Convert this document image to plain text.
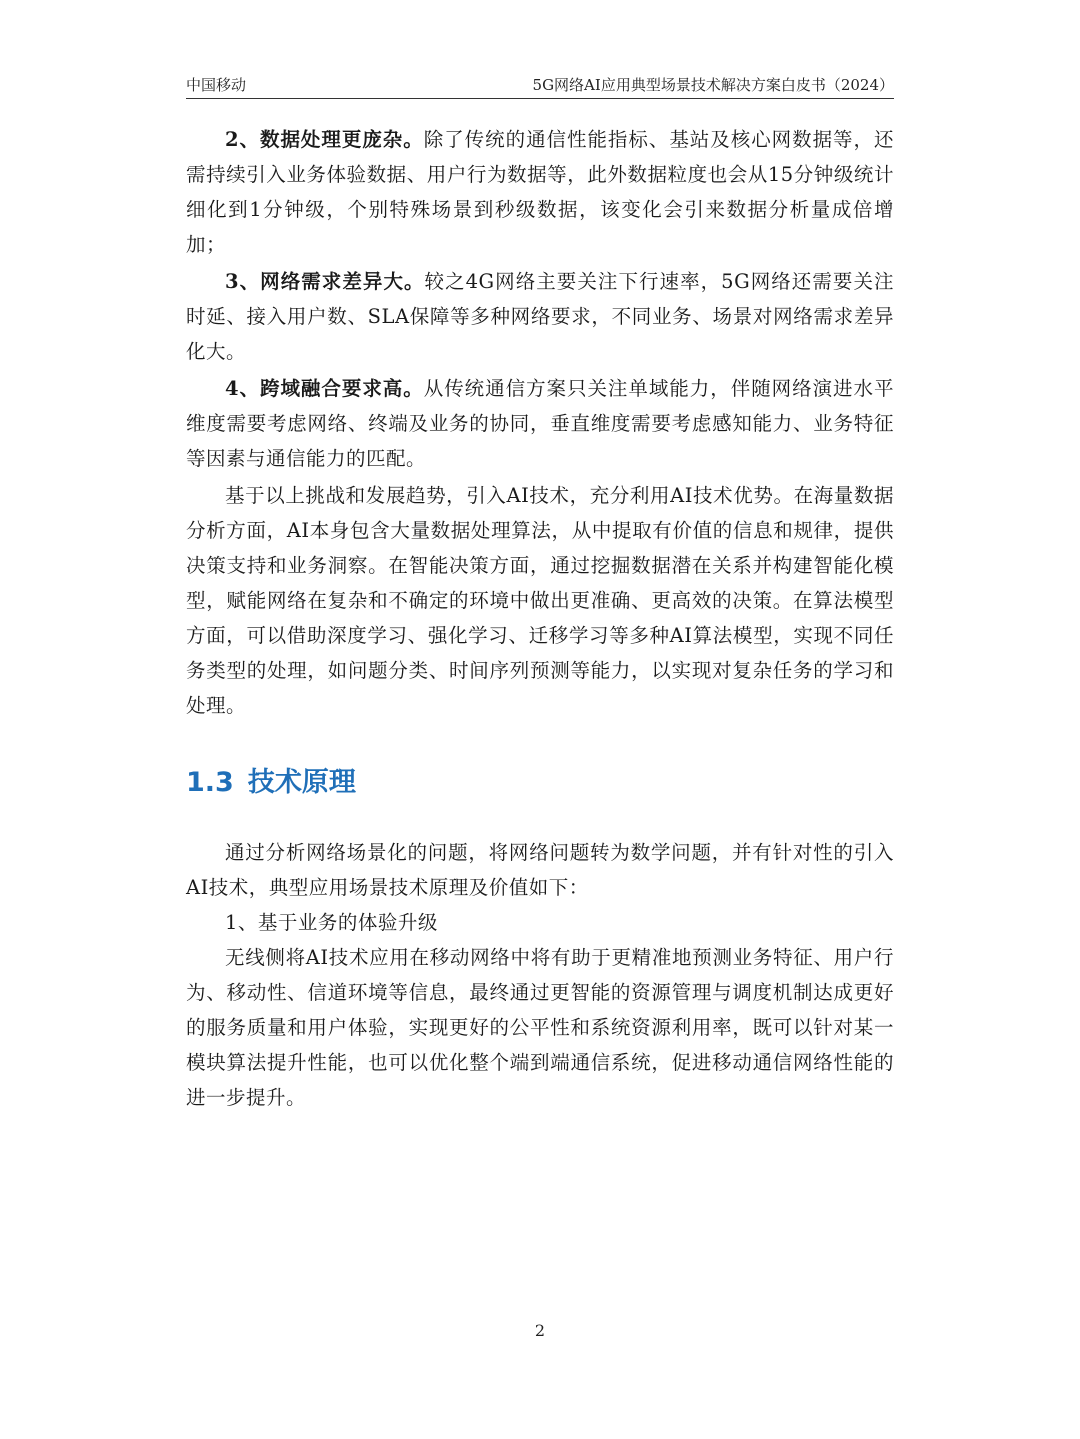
中国移动	5G网络AI应用典型场景技术解决方案白皮书（2024）

2、数据处理更庞杂。除了传统的通信性能指标、基站及核心网数据等，还需持续引入业务体验数据、用户行为数据等，此外数据粒度也会从15分钟级统计细化到1分钟级，个别特殊场景到秒级数据，该变化会引来数据分析量成倍增加；

3、网络需求差异大。较之4G网络主要关注下行速率，5G网络还需要关注时延、接入用户数、SLA保障等多种网络要求，不同业务、场景对网络需求差异化大。

4、跨域融合要求高。从传统通信方案只关注单域能力，伴随网络演进水平维度需要考虑网络、终端及业务的协同，垂直维度需要考虑感知能力、业务特征等因素与通信能力的匹配。

基于以上挑战和发展趋势，引入AI技术，充分利用AI技术优势。在海量数据分析方面，AI本身包含大量数据处理算法，从中提取有价值的信息和规律，提供决策支持和业务洞察。在智能决策方面，通过挖掘数据潜在关系并构建智能化模型，赋能网络在复杂和不确定的环境中做出更准确、更高效的决策。在算法模型方面，可以借助深度学习、强化学习、迁移学习等多种AI算法模型，实现不同任务类型的处理，如问题分类、时间序列预测等能力，以实现对复杂任务的学习和处理。

1.3 技术原理

通过分析网络场景化的问题，将网络问题转为数学问题，并有针对性的引入AI技术，典型应用场景技术原理及价值如下：

1、基于业务的体验升级

无线侧将AI技术应用在移动网络中将有助于更精准地预测业务特征、用户行为、移动性、信道环境等信息，最终通过更智能的资源管理与调度机制达成更好的服务质量和用户体验，实现更好的公平性和系统资源利用率，既可以针对某一模块算法提升性能，也可以优化整个端到端通信系统，促进移动通信网络性能的进一步提升。

2
